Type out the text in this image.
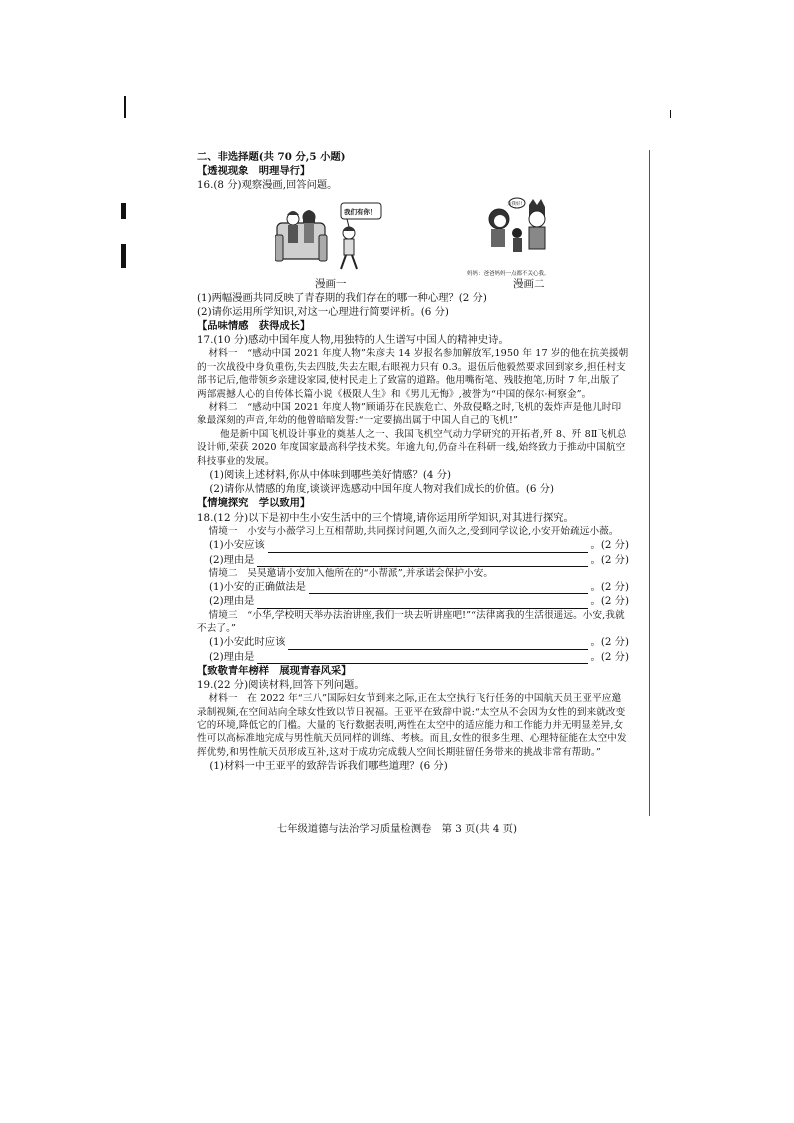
二、非选择题(共 70 分,5 小题)

【透视现象　明理导行】

16.(8 分)观察漫画,回答问题。

我们有你！
为我好!
妈妈：爸爸妈妈一点都不关心我。
漫画一	漫画二

(1)两幅漫画共同反映了青春期的我们存在的哪一种心理？(2 分)

(2)请你运用所学知识,对这一心理进行简要评析。(6 分)

【品味情感　获得成长】

17.(10 分)感动中国年度人物,用独特的人生谱写中国人的精神史诗。

材料一　“感动中国 2021 年度人物”朱彦夫 14 岁报名参加解放军,1950 年 17 岁的他在抗美援朝的一次战役中身负重伤,失去四肢,失去左眼,右眼视力只有 0.3。退伍后他毅然要求回到家乡,担任村支部书记后,他带领乡亲建设家园,使村民走上了致富的道路。他用嘴衔笔、残肢抱笔,历时 7 年,出版了两部震撼人心的自传体长篇小说《极限人生》和《男儿无悔》,被誉为“中国的保尔·柯察金”。

材料二　“感动中国 2021 年度人物”顾诵芬在民族危亡、外敌侵略之时,飞机的轰炸声是他儿时印象最深刻的声音,年幼的他曾暗暗发誓:“一定要搞出属于中国人自己的飞机!”

他是新中国飞机设计事业的奠基人之一、我国飞机空气动力学研究的开拓者,歼 8、歼 8Ⅱ飞机总设计师,荣获 2020 年度国家最高科学技术奖。年逾九旬,仍奋斗在科研一线,始终致力于推动中国航空科技事业的发展。

(1)阅读上述材料,你从中体味到哪些美好情感？(4 分)

(2)请你从情感的角度,谈谈评选感动中国年度人物对我们成长的价值。(6 分)

【情境探究　学以致用】

18.(12 分)以下是初中生小安生活中的三个情境,请你运用所学知识,对其进行探究。

情境一　小安与小薇学习上互相帮助,共同探讨问题,久而久之,受到同学议论,小安开始疏远小薇。

(1)小安应该	。(2 分)
(2)理由是	。(2 分)

情境二　吴昊邀请小安加入他所在的“小帮派”,并承诺会保护小安。

(1)小安的正确做法是	。(2 分)
(2)理由是	。(2 分)

情境三　“小华,学校明天举办法治讲座,我们一块去听讲座吧!”“法律离我的生活很遥远。小安,我就不去了。”

(1)小安此时应该	。(2 分)
(2)理由是	。(2 分)

【致敬青年榜样　展现青春风采】

19.(22 分)阅读材料,回答下列问题。

材料一　在 2022 年“三八”国际妇女节到来之际,正在太空执行飞行任务的中国航天员王亚平应邀录制视频,在空间站向全球女性致以节日祝福。王亚平在致辞中说:“太空从不会因为女性的到来就改变它的环境,降低它的门槛。大量的飞行数据表明,两性在太空中的适应能力和工作能力并无明显差异,女性可以高标准地完成与男性航天员同样的训练、考核。而且,女性的很多生理、心理特征能在太空中发挥优势,和男性航天员形成互补,这对于成功完成载人空间长期驻留任务带来的挑战非常有帮助。”

(1)材料一中王亚平的致辞告诉我们哪些道理？(6 分)

七年级道德与法治学习质量检测卷　第 3 页(共 4 页)
